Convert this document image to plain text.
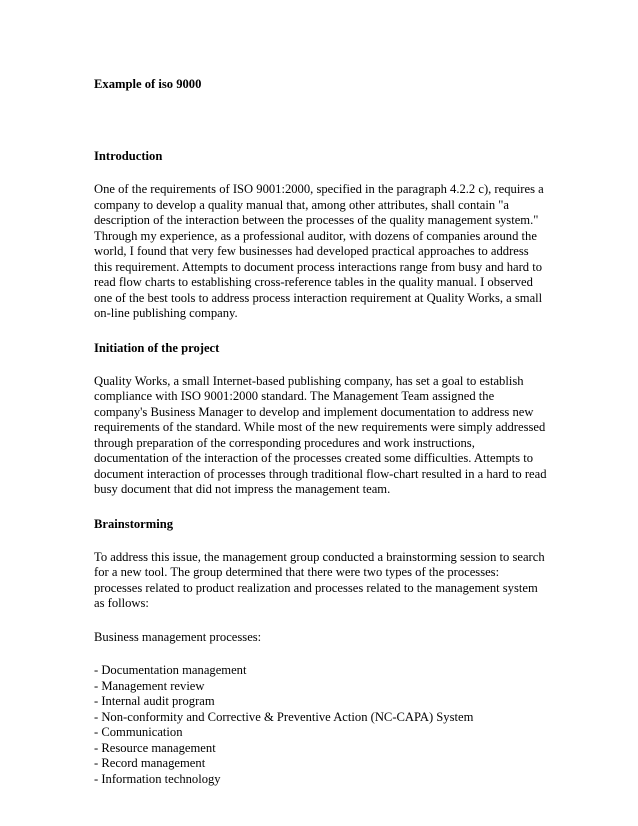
Example of iso 9000
Introduction

One of the requirements of ISO 9001:2000, specified in the paragraph 4.2.2 c), requires a company to develop a quality manual that, among other attributes, shall contain "a description of the interaction between the processes of the quality management system." Through my experience, as a professional auditor, with dozens of companies around the world, I found that very few businesses had developed practical approaches to address this requirement. Attempts to document process interactions range from busy and hard to read flow charts to establishing cross-reference tables in the quality manual. I observed one of the best tools to address process interaction requirement at Quality Works, a small on-line publishing company.

Initiation of the project

Quality Works, a small Internet-based publishing company, has set a goal to establish compliance with ISO 9001:2000 standard. The Management Team assigned the company's Business Manager to develop and implement documentation to address new requirements of the standard. While most of the new requirements were simply addressed through preparation of the corresponding procedures and work instructions, documentation of the interaction of the processes created some difficulties. Attempts to document interaction of processes through traditional flow-chart resulted in a hard to read busy document that did not impress the management team.

Brainstorming

To address this issue, the management group conducted a brainstorming session to search for a new tool. The group determined that there were two types of the processes: processes related to product realization and processes related to the management system as follows:

Business management processes:

- Documentation management
- Management review
- Internal audit program
- Non-conformity and Corrective & Preventive Action (NC-CAPA) System
- Communication
- Resource management
- Record management
- Information technology
